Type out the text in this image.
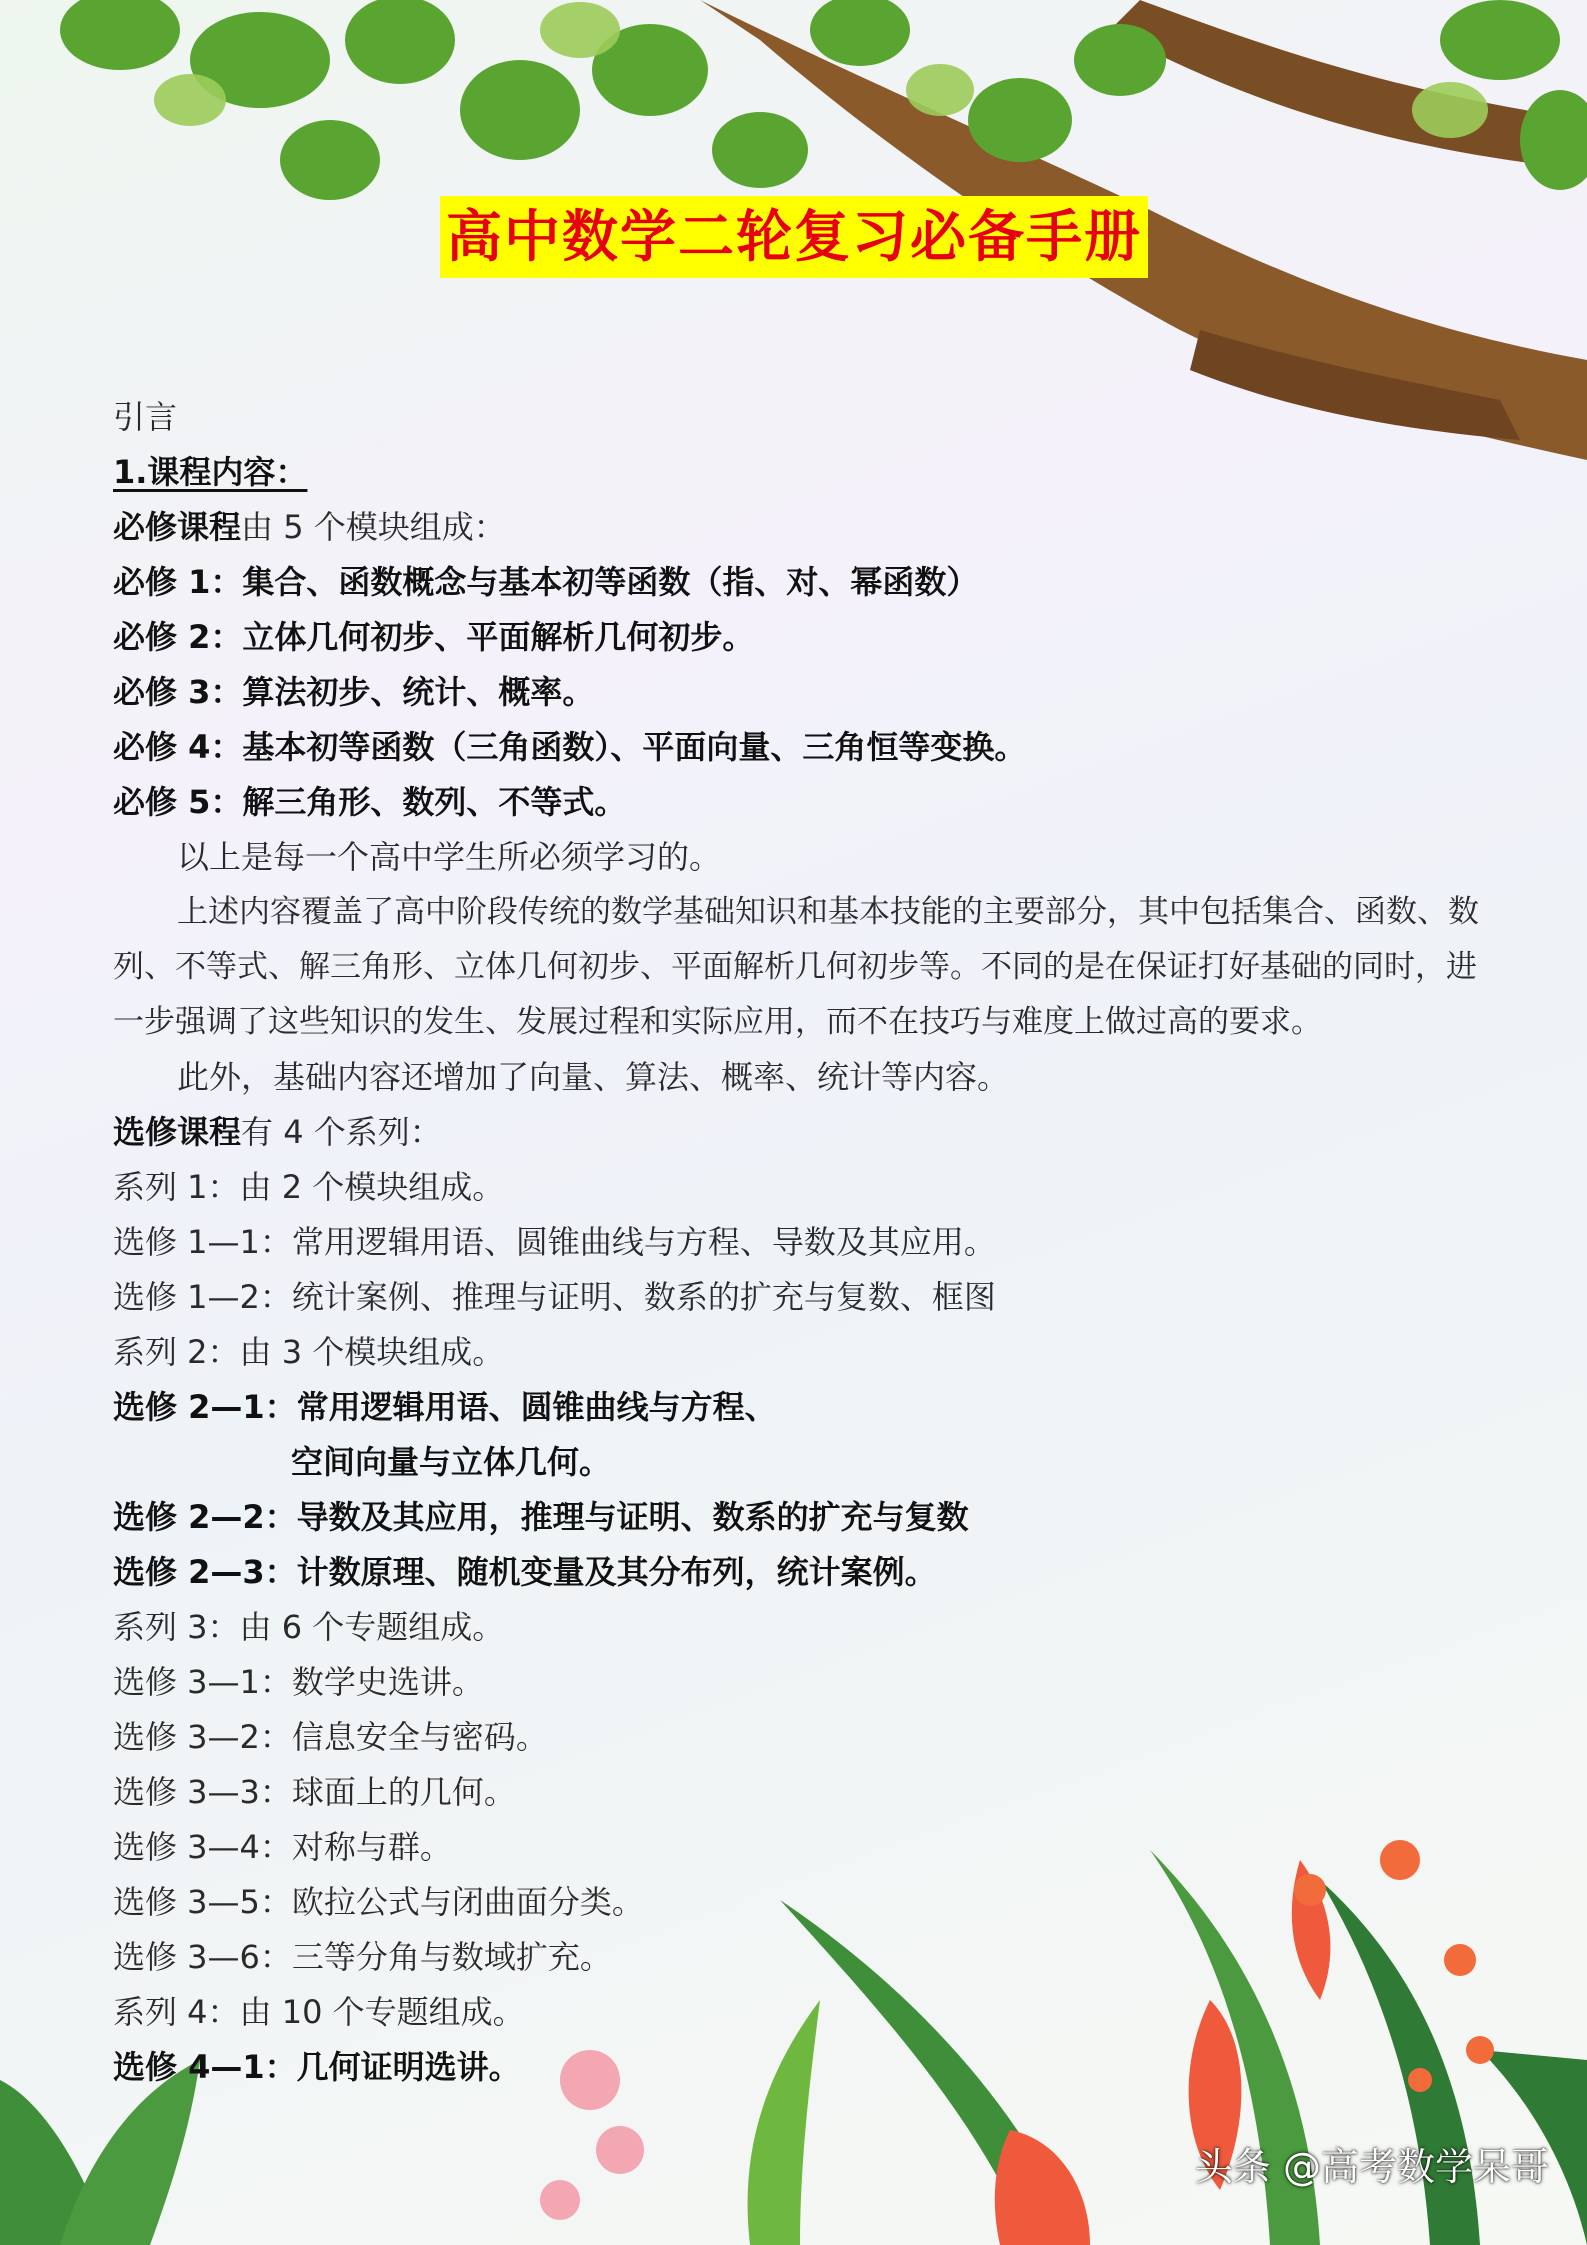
高中数学二轮复习必备手册
引言
1.课程内容：
必修课程由 5 个模块组成：
必修 1：集合、函数概念与基本初等函数（指、对、幂函数）
必修 2：立体几何初步、平面解析几何初步。
必修 3：算法初步、统计、概率。
必修 4：基本初等函数（三角函数）、平面向量、三角恒等变换。
必修 5：解三角形、数列、不等式。
以上是每一个高中学生所必须学习的。

上述内容覆盖了高中阶段传统的数学基础知识和基本技能的主要部分，其中包括集合、函数、数列、不等式、解三角形、立体几何初步、平面解析几何初步等。不同的是在保证打好基础的同时，进一步强调了这些知识的发生、发展过程和实际应用，而不在技巧与难度上做过高的要求。

此外，基础内容还增加了向量、算法、概率、统计等内容。
选修课程有 4 个系列：
系列 1：由 2 个模块组成。
选修 1—1：常用逻辑用语、圆锥曲线与方程、导数及其应用。
选修 1—2：统计案例、推理与证明、数系的扩充与复数、框图
系列 2：由 3 个模块组成。
选修 2—1：常用逻辑用语、圆锥曲线与方程、
空间向量与立体几何。
选修 2—2：导数及其应用，推理与证明、数系的扩充与复数
选修 2—3：计数原理、随机变量及其分布列，统计案例。
系列 3：由 6 个专题组成。
选修 3—1：数学史选讲。
选修 3—2：信息安全与密码。
选修 3—3：球面上的几何。
选修 3—4：对称与群。
选修 3—5：欧拉公式与闭曲面分类。
选修 3—6：三等分角与数域扩充。
系列 4：由 10 个专题组成。
选修 4—1：几何证明选讲。
头条 @高考数学呆哥
